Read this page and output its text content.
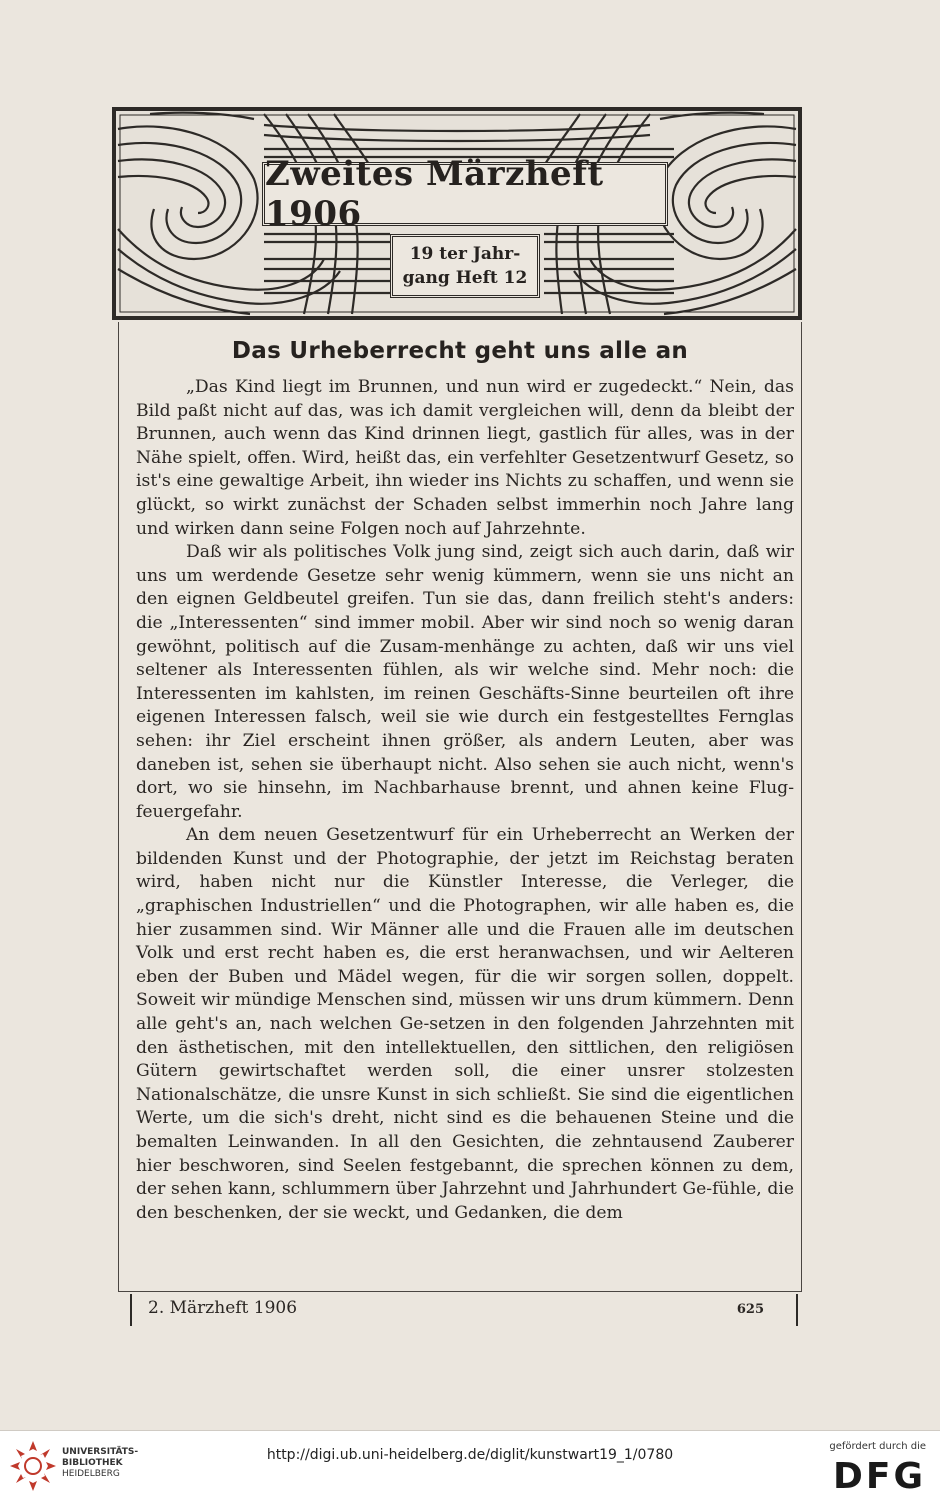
Zweites Märzheft 1906
19 ter Jahr-
gang Heft 12
Das Urheberrecht geht uns alle an

„Das Kind liegt im Brunnen, und nun wird er zugedeckt.“ Nein, das Bild paßt nicht auf das, was ich damit vergleichen will, denn da bleibt der Brunnen, auch wenn das Kind drinnen liegt, gastlich für alles, was in der Nähe spielt, offen. Wird, heißt das, ein verfehlter Gesetzentwurf Gesetz, so ist's eine gewaltige Arbeit, ihn wieder ins Nichts zu schaffen, und wenn sie glückt, so wirkt zunächst der Schaden selbst immerhin noch Jahre lang und wirken dann seine Folgen noch auf Jahrzehnte.

Daß wir als politisches Volk jung sind, zeigt sich auch darin, daß wir uns um werdende Gesetze sehr wenig kümmern, wenn sie uns nicht an den eignen Geldbeutel greifen. Tun sie das, dann freilich steht's anders: die „Interessenten“ sind immer mobil. Aber wir sind noch so wenig daran gewöhnt, politisch auf die Zusam-menhänge zu achten, daß wir uns viel seltener als Interessenten fühlen, als wir welche sind. Mehr noch: die Interessenten im kahlsten, im reinen Geschäfts-Sinne beurteilen oft ihre eigenen Interessen falsch, weil sie wie durch ein festgestelltes Fernglas sehen: ihr Ziel erscheint ihnen größer, als andern Leuten, aber was daneben ist, sehen sie überhaupt nicht. Also sehen sie auch nicht, wenn's dort, wo sie hinsehn, im Nachbarhause brennt, und ahnen keine Flug-feuergefahr.

An dem neuen Gesetzentwurf für ein Urheberrecht an Werken der bildenden Kunst und der Photographie, der jetzt im Reichstag beraten wird, haben nicht nur die Künstler Interesse, die Verleger, die „graphischen Industriellen“ und die Photographen, wir alle haben es, die hier zusammen sind. Wir Männer alle und die Frauen alle im deutschen Volk und erst recht haben es, die erst heranwachsen, und wir Aelteren eben der Buben und Mädel wegen, für die wir sorgen sollen, doppelt. Soweit wir mündige Menschen sind, müssen wir uns drum kümmern. Denn alle geht's an, nach welchen Ge-setzen in den folgenden Jahrzehnten mit den ästhetischen, mit den intellektuellen, den sittlichen, den religiösen Gütern gewirtschaftet werden soll, die einer unsrer stolzesten Nationalschätze, die unsre Kunst in sich schließt. Sie sind die eigentlichen Werte, um die sich's dreht, nicht sind es die behauenen Steine und die bemalten Leinwanden. In all den Gesichten, die zehntausend Zauberer hier beschworen, sind Seelen festgebannt, die sprechen können zu dem, der sehen kann, schlummern über Jahrzehnt und Jahrhundert Ge-fühle, die den beschenken, der sie weckt, und Gedanken, die dem

2. Märzheft 1906	625
UNIVERSITÄTS-
BIBLIOTHEK
HEIDELBERG
http://digi.ub.uni-heidelberg.de/diglit/kunstwart19_1/0780
gefördert durch die
DFG
